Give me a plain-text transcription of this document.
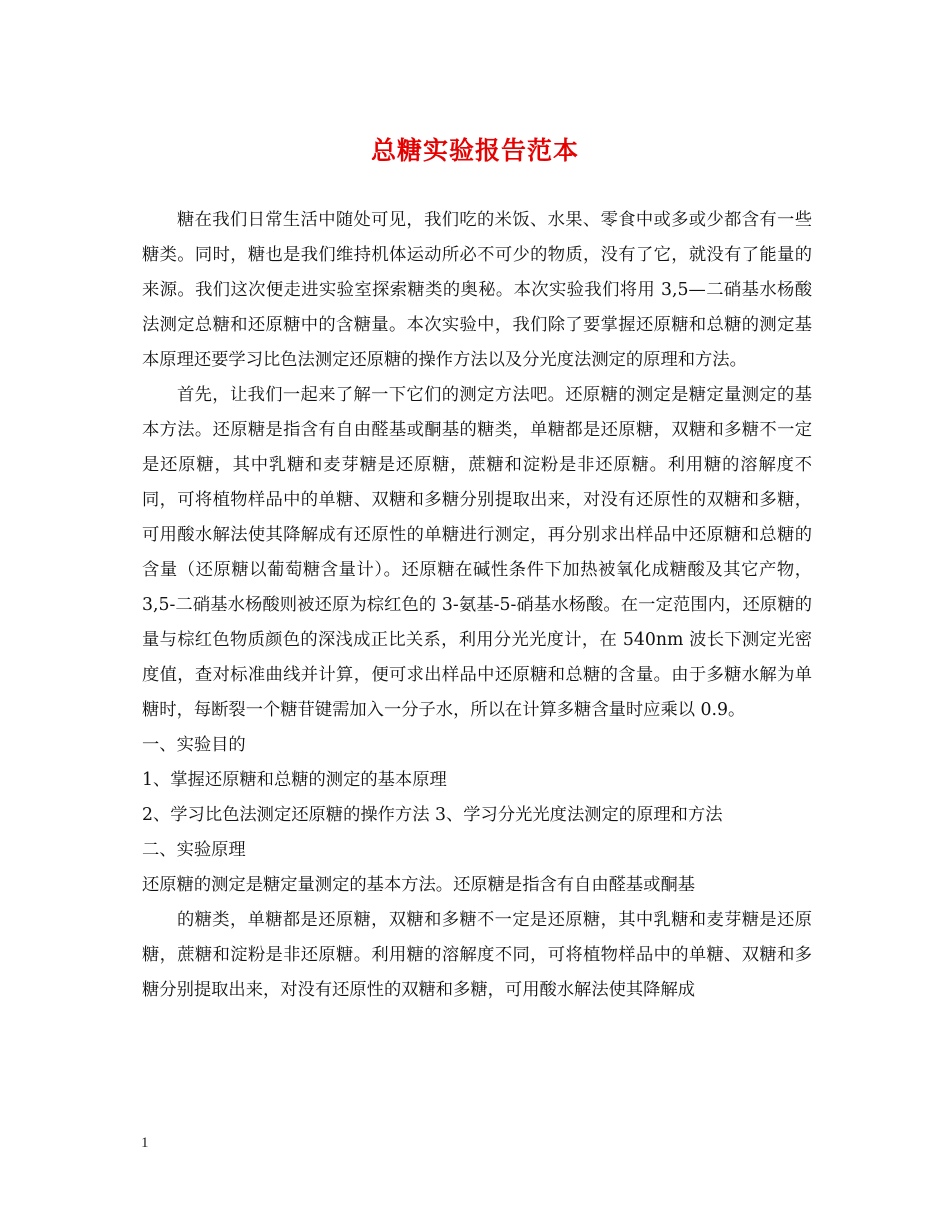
总糖实验报告范本

糖在我们日常生活中随处可见，我们吃的米饭、水果、零食中或多或少都含有一些糖类。同时，糖也是我们维持机体运动所必不可少的物质，没有了它，就没有了能量的来源。我们这次便走进实验室探索糖类的奥秘。本次实验我们将用 3,5—二硝基水杨酸法测定总糖和还原糖中的含糖量。本次实验中，我们除了要掌握还原糖和总糖的测定基本原理还要学习比色法测定还原糖的操作方法以及分光度法测定的原理和方法。

首先，让我们一起来了解一下它们的测定方法吧。还原糖的测定是糖定量测定的基本方法。还原糖是指含有自由醛基或酮基的糖类，单糖都是还原糖，双糖和多糖不一定是还原糖，其中乳糖和麦芽糖是还原糖，蔗糖和淀粉是非还原糖。利用糖的溶解度不同，可将植物样品中的单糖、双糖和多糖分别提取出来，对没有还原性的双糖和多糖，可用酸水解法使其降解成有还原性的单糖进行测定，再分别求出样品中还原糖和总糖的含量（还原糖以葡萄糖含量计）。还原糖在碱性条件下加热被氧化成糖酸及其它产物，3,5-二硝基水杨酸则被还原为棕红色的 3-氨基-5-硝基水杨酸。在一定范围内，还原糖的量与棕红色物质颜色的深浅成正比关系，利用分光光度计，在 540nm 波长下测定光密度值，查对标准曲线并计算，便可求出样品中还原糖和总糖的含量。由于多糖水解为单糖时，每断裂一个糖苷键需加入一分子水，所以在计算多糖含量时应乘以 0.9。

一、实验目的

1、掌握还原糖和总糖的测定的基本原理

2、学习比色法测定还原糖的操作方法 3、学习分光光度法测定的原理和方法

二、实验原理

还原糖的测定是糖定量测定的基本方法。还原糖是指含有自由醛基或酮基

的糖类，单糖都是还原糖，双糖和多糖不一定是还原糖，其中乳糖和麦芽糖是还原糖，蔗糖和淀粉是非还原糖。利用糖的溶解度不同，可将植物样品中的单糖、双糖和多糖分别提取出来，对没有还原性的双糖和多糖，可用酸水解法使其降解成

1
